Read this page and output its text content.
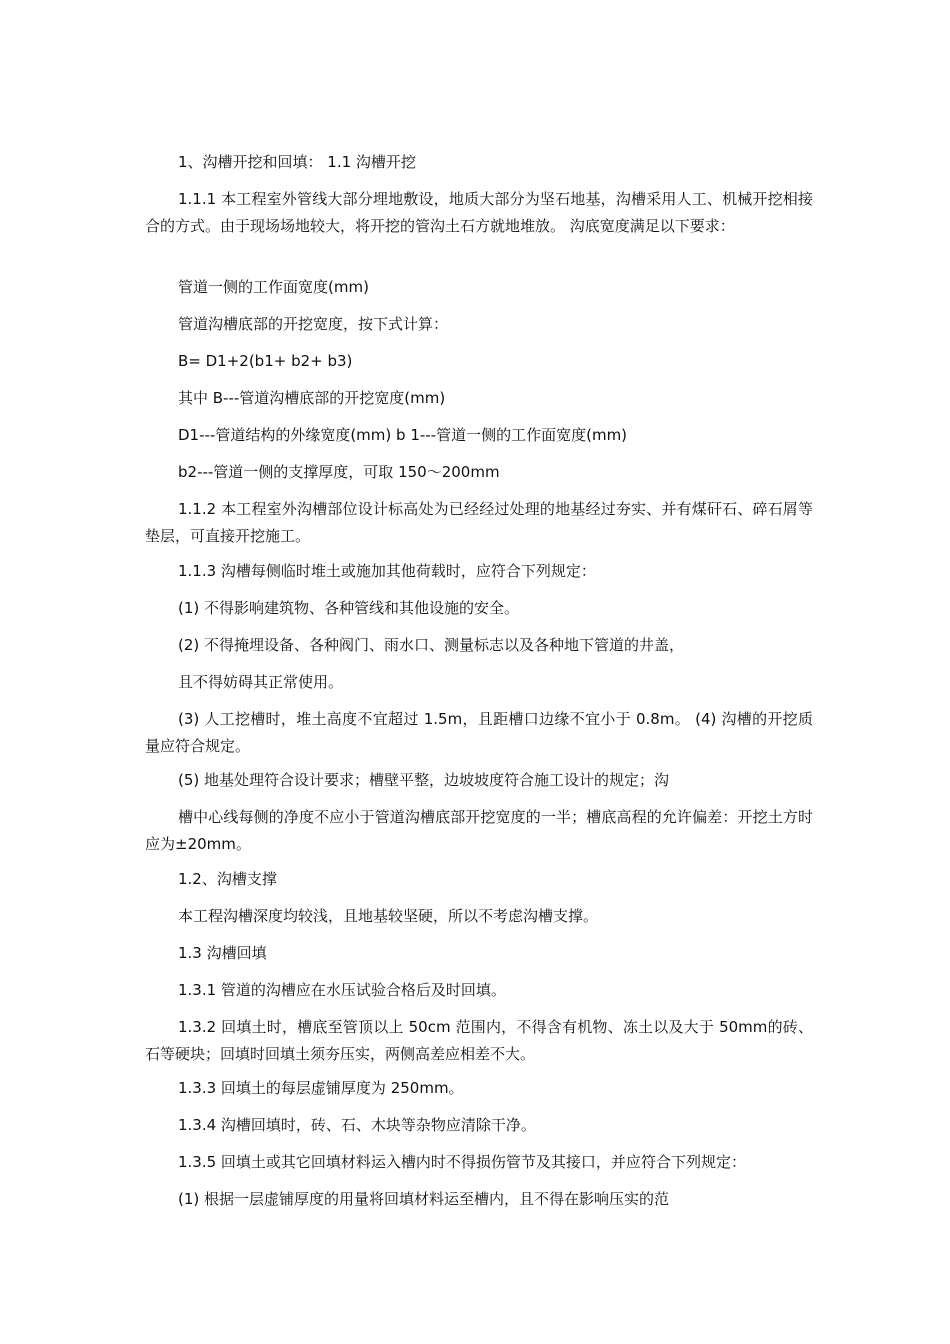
1、沟槽开挖和回填： 1.1 沟槽开挖

1.1.1 本工程室外管线大部分埋地敷设，地质大部分为坚石地基，沟槽采用人工、机械开挖相接合的方式。由于现场场地较大，将开挖的管沟土石方就地堆放。 沟底宽度满足以下要求：

管道一侧的工作面宽度(mm)

管道沟槽底部的开挖宽度，按下式计算：

B= D1+2(b1+ b2+ b3)

其中 B---管道沟槽底部的开挖宽度(mm)

D1---管道结构的外缘宽度(mm) b 1---管道一侧的工作面宽度(mm)

b2---管道一侧的支撑厚度，可取 150～200mm

1.1.2 本工程室外沟槽部位设计标高处为已经经过处理的地基经过夯实、并有煤矸石、碎石屑等垫层，可直接开挖施工。

1.1.3 沟槽每侧临时堆土或施加其他荷载时，应符合下列规定：

(1) 不得影响建筑物、各种管线和其他设施的安全。

(2) 不得掩埋设备、各种阀门、雨水口、测量标志以及各种地下管道的井盖，

且不得妨碍其正常使用。

(3) 人工挖槽时，堆土高度不宜超过 1.5m，且距槽口边缘不宜小于 0.8m。 (4) 沟槽的开挖质量应符合规定。

(5) 地基处理符合设计要求；槽壁平整，边坡坡度符合施工设计的规定；沟

槽中心线每侧的净度不应小于管道沟槽底部开挖宽度的一半；槽底高程的允许偏差：开挖土方时应为±20mm。

1.2、沟槽支撑

本工程沟槽深度均较浅，且地基较坚硬，所以不考虑沟槽支撑。

1.3 沟槽回填

1.3.1 管道的沟槽应在水压试验合格后及时回填。

1.3.2 回填土时，槽底至管顶以上 50cm 范围内，不得含有机物、冻土以及大于 50mm的砖、石等硬块；回填时回填土须夯压实，两侧高差应相差不大。

1.3.3 回填土的每层虚铺厚度为 250mm。

1.3.4 沟槽回填时，砖、石、木块等杂物应清除干净。

1.3.5 回填土或其它回填材料运入槽内时不得损伤管节及其接口，并应符合下列规定：

(1) 根据一层虚铺厚度的用量将回填材料运至槽内，且不得在影响压实的范
